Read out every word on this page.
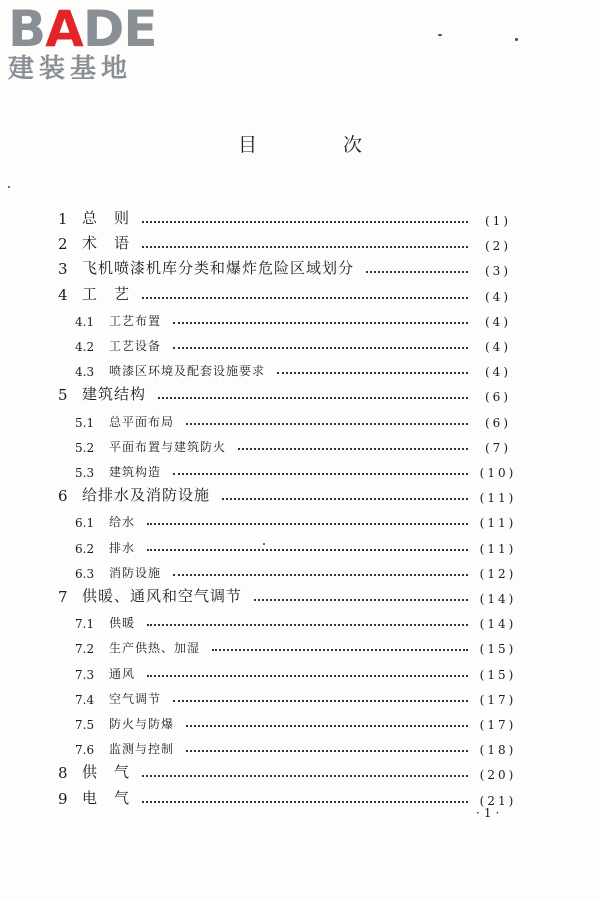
BADE
建装基地
目 次
1 总　则	(1)
2 术　语	(2)
3 飞机喷漆机库分类和爆炸危险区域划分	(3)
4 工　艺	(4)
4.1	工艺布置	(4)
4.2	工艺设备	(4)
4.3	喷漆区环境及配套设施要求	(4)
5 建筑结构	(6)
5.1	总平面布局	(6)
5.2	平面布置与建筑防火	(7)
5.3	建筑构造	(10)
6 给排水及消防设施	(11)
6.1	给水	(11)
6.2	排水	(11)
6.3	消防设施	(12)
7 供暖、通风和空气调节	(14)
7.1	供暖	(14)
7.2	生产供热、加湿	(15)
7.3	通风	(15)
7.4	空气调节	(17)
7.5	防火与防爆	(17)
7.6	监测与控制	(18)
8 供　气	(20)
9 电　气	(21)
·1·
